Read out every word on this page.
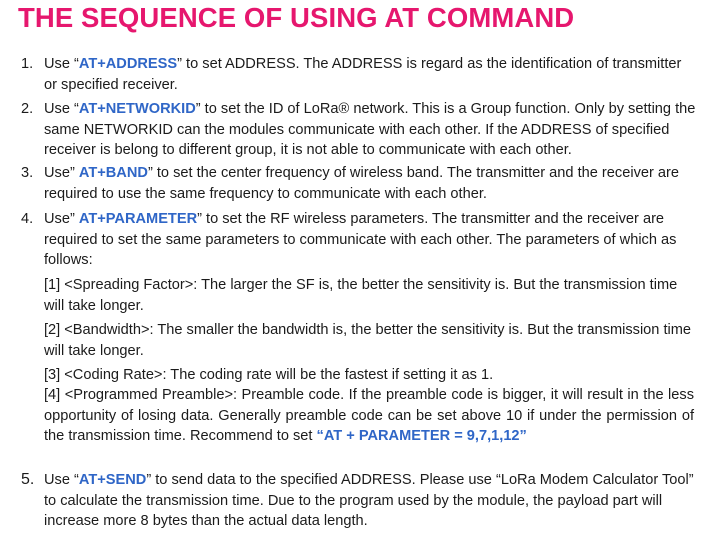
THE SEQUENCE OF USING AT COMMAND
1. Use “AT+ADDRESS” to set ADDRESS. The ADDRESS is regard as the identification of transmitter or specified receiver.
2. Use “AT+NETWORKID” to set the ID of LoRa® network. This is a Group function. Only by setting the same NETWORKID can the modules communicate with each other. If the ADDRESS of specified receiver is belong to different group, it is not able to communicate with each other.
3. Use” AT+BAND” to set the center frequency of wireless band. The transmitter and the receiver are required to use the same frequency to communicate with each other.
4. Use” AT+PARAMETER” to set the RF wireless parameters. The transmitter and the receiver are required to set the same parameters to communicate with each other. The parameters of which as follows:
[1] <Spreading Factor>: The larger the SF is, the better the sensitivity is. But the transmission time will take longer.
[2] <Bandwidth>: The smaller the bandwidth is, the better the sensitivity is. But the transmission time will take longer.
[3] <Coding Rate>: The coding rate will be the fastest if setting it as 1.
[4] <Programmed Preamble>: Preamble code. If the preamble code is bigger, it will result in the less opportunity of losing data. Generally preamble code can be set above 10 if under the permission of the transmission time. Recommend to set “AT + PARAMETER = 9,7,1,12”
5. Use “AT+SEND” to send data to the specified ADDRESS. Please use “LoRa Modem Calculator Tool” to calculate the transmission time. Due to the program used by the module, the payload part will increase more 8 bytes than the actual data length.
